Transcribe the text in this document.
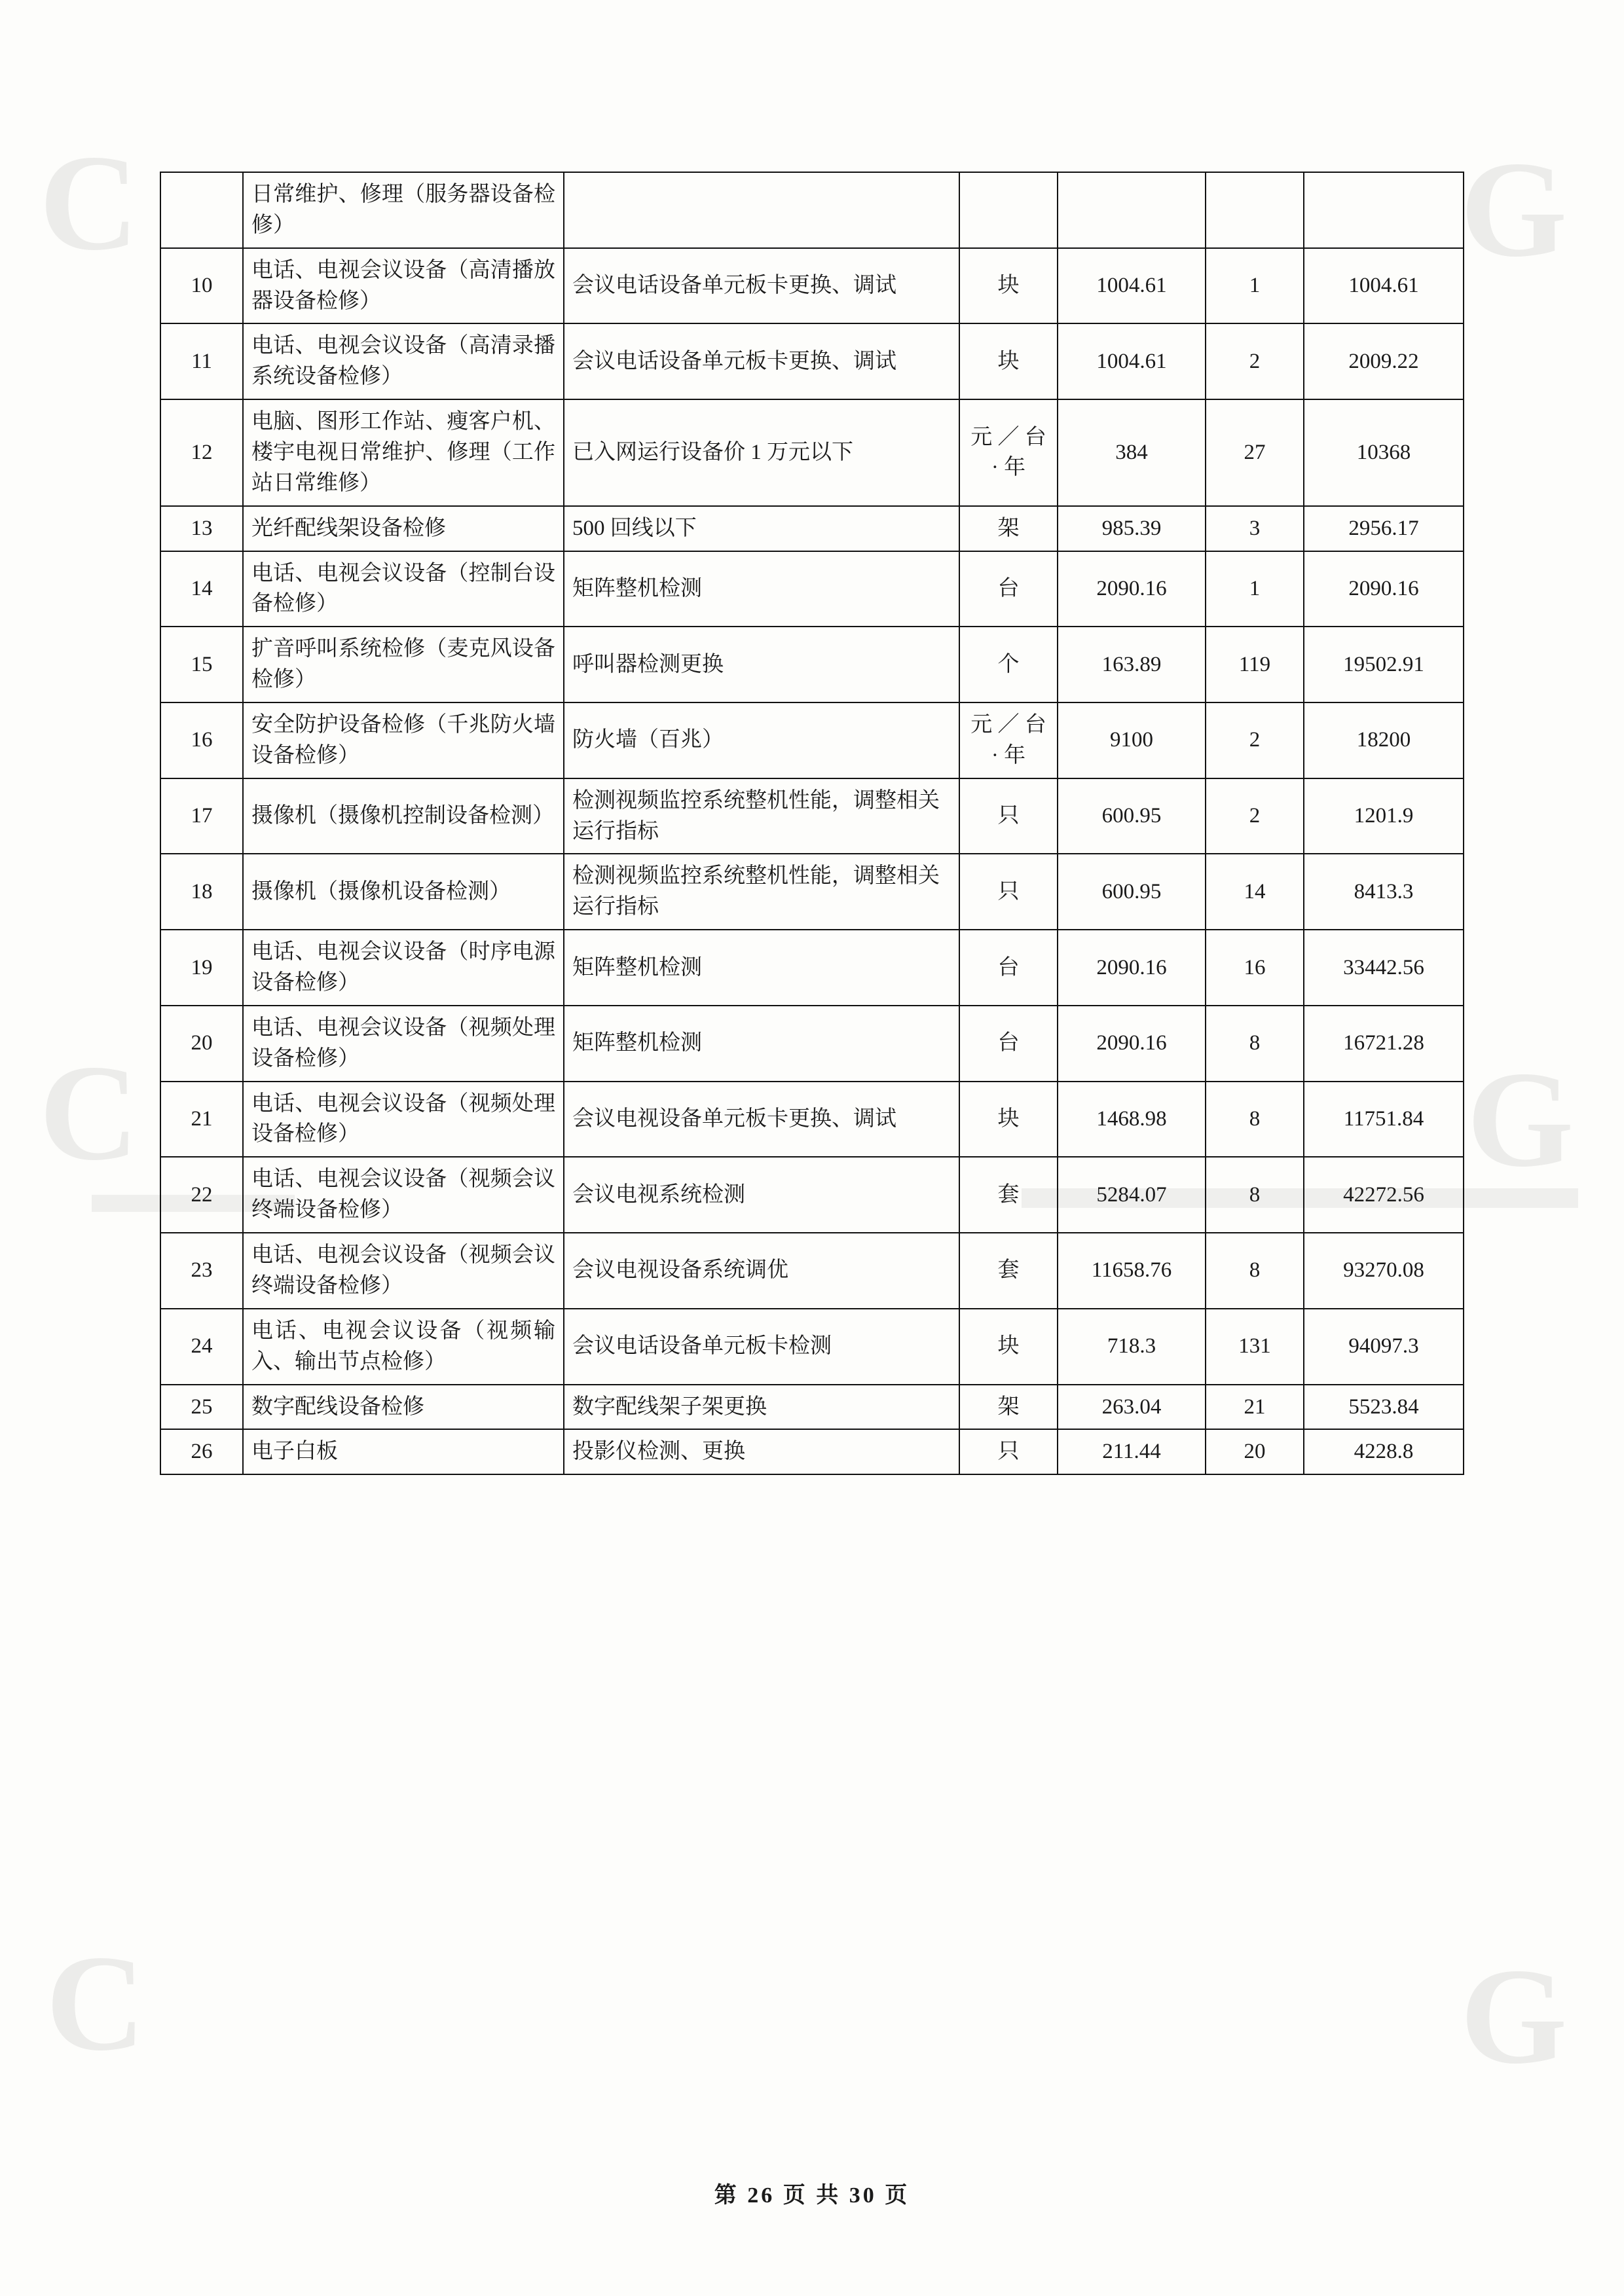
C	G
C	G
C	G
	日常维护、修理（服务器设备检修）					
10	电话、电视会议设备（高清播放器设备检修）	会议电话设备单元板卡更换、调试	块	1004.61	1	1004.61
11	电话、电视会议设备（高清录播系统设备检修）	会议电话设备单元板卡更换、调试	块	1004.61	2	2009.22
12	电脑、图形工作站、瘦客户机、楼宇电视日常维护、修理（工作站日常维修）	已入网运行设备价 1 万元以下	元 ／ 台 · 年	384	27	10368
13	光纤配线架设备检修	500 回线以下	架	985.39	3	2956.17
14	电话、电视会议设备（控制台设备检修）	矩阵整机检测	台	2090.16	1	2090.16
15	扩音呼叫系统检修（麦克风设备检修）	呼叫器检测更换	个	163.89	119	19502.91
16	安全防护设备检修（千兆防火墙设备检修）	防火墙（百兆）	元 ／ 台 · 年	9100	2	18200
17	摄像机（摄像机控制设备检测）	检测视频监控系统整机性能，调整相关运行指标	只	600.95	2	1201.9
18	摄像机（摄像机设备检测）	检测视频监控系统整机性能，调整相关运行指标	只	600.95	14	8413.3
19	电话、电视会议设备（时序电源设备检修）	矩阵整机检测	台	2090.16	16	33442.56
20	电话、电视会议设备（视频处理设备检修）	矩阵整机检测	台	2090.16	8	16721.28
21	电话、电视会议设备（视频处理设备检修）	会议电视设备单元板卡更换、调试	块	1468.98	8	11751.84
22	电话、电视会议设备（视频会议终端设备检修）	会议电视系统检测	套	5284.07	8	42272.56
23	电话、电视会议设备（视频会议终端设备检修）	会议电视设备系统调优	套	11658.76	8	93270.08
24	电话、电视会议设备（视频输入、输出节点检修）	会议电话设备单元板卡检测	块	718.3	131	94097.3
25	数字配线设备检修	数字配线架子架更换	架	263.04	21	5523.84
26	电子白板	投影仪检测、更换	只	211.44	20	4228.8
第 26 页 共 30 页
